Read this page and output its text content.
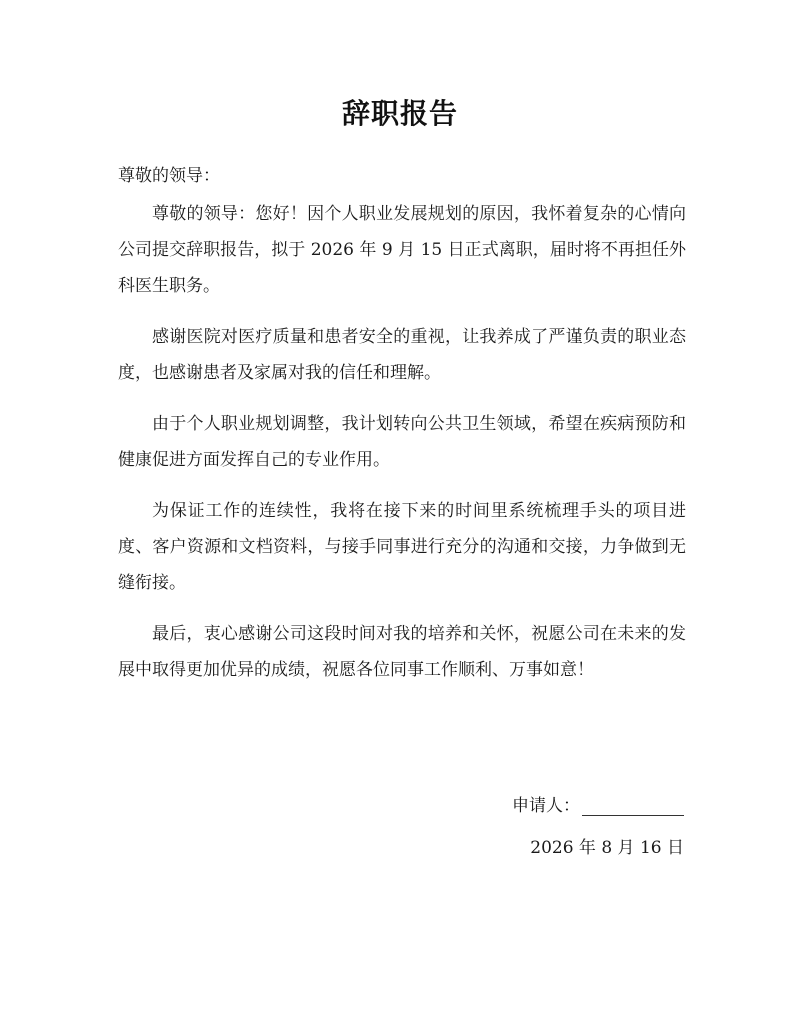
辞职报告

尊敬的领导：

尊敬的领导：您好！因个人职业发展规划的原因，我怀着复杂的心情向公司提交辞职报告，拟于 2026 年 9 月 15 日正式离职，届时将不再担任外科医生职务。

感谢医院对医疗质量和患者安全的重视，让我养成了严谨负责的职业态度，也感谢患者及家属对我的信任和理解。

由于个人职业规划调整，我计划转向公共卫生领域，希望在疾病预防和健康促进方面发挥自己的专业作用。

为保证工作的连续性，我将在接下来的时间里系统梳理手头的项目进度、客户资源和文档资料，与接手同事进行充分的沟通和交接，力争做到无缝衔接。

最后，衷心感谢公司这段时间对我的培养和关怀，祝愿公司在未来的发展中取得更加优异的成绩，祝愿各位同事工作顺利、万事如意！

申请人：

2026 年 8 月 16 日
